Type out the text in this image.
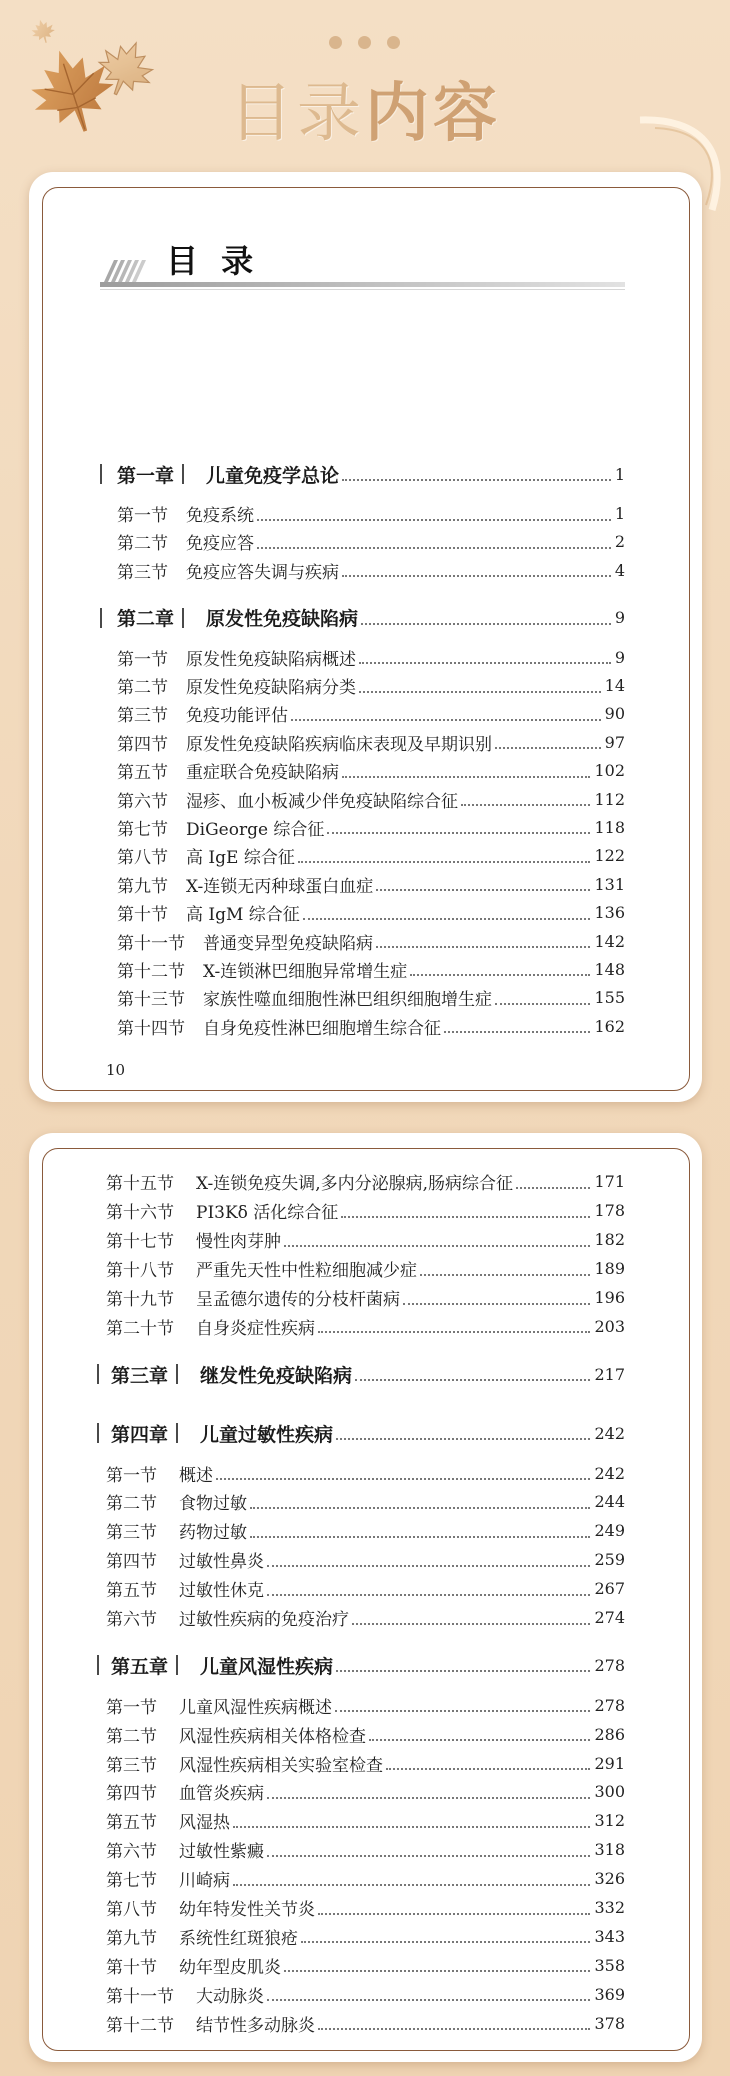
目录内容
目 录
第一章 儿童免疫学总论	1
第一节 免疫系统	1
第二节 免疫应答	2
第三节 免疫应答失调与疾病	4
第二章 原发性免疫缺陷病	9
第一节 原发性免疫缺陷病概述	9
第二节 原发性免疫缺陷病分类	14
第三节 免疫功能评估	90
第四节 原发性免疫缺陷疾病临床表现及早期识别	97
第五节 重症联合免疫缺陷病	102
第六节 湿疹、血小板减少伴免疫缺陷综合征	112
第七节 DiGeorge 综合征	118
第八节 高 IgE 综合征	122
第九节 X-连锁无丙种球蛋白血症	131
第十节 高 IgM 综合征	136
第十一节 普通变异型免疫缺陷病	142
第十二节 X-连锁淋巴细胞异常增生症	148
第十三节 家族性噬血细胞性淋巴组织细胞增生症	155
第十四节 自身免疫性淋巴细胞增生综合征	162
第十五节 X-连锁免疫失调,多内分泌腺病,肠病综合征	171
第十六节 PI3Kδ 活化综合征	178
第十七节 慢性肉芽肿	182
第十八节 严重先天性中性粒细胞减少症	189
第十九节 呈孟德尔遗传的分枝杆菌病	196
第二十节 自身炎症性疾病	203
第三章 继发性免疫缺陷病	217
第四章 儿童过敏性疾病	242
第一节 概述	242
第二节 食物过敏	244
第三节 药物过敏	249
第四节 过敏性鼻炎	259
第五节 过敏性休克	267
第六节 过敏性疾病的免疫治疗	274
第五章 儿童风湿性疾病	278
第一节 儿童风湿性疾病概述	278
第二节 风湿性疾病相关体格检查	286
第三节 风湿性疾病相关实验室检查	291
第四节 血管炎疾病	300
第五节 风湿热	312
第六节 过敏性紫癜	318
第七节 川崎病	326
第八节 幼年特发性关节炎	332
第九节 系统性红斑狼疮	343
第十节 幼年型皮肌炎	358
第十一节 大动脉炎	369
第十二节 结节性多动脉炎	378
10
